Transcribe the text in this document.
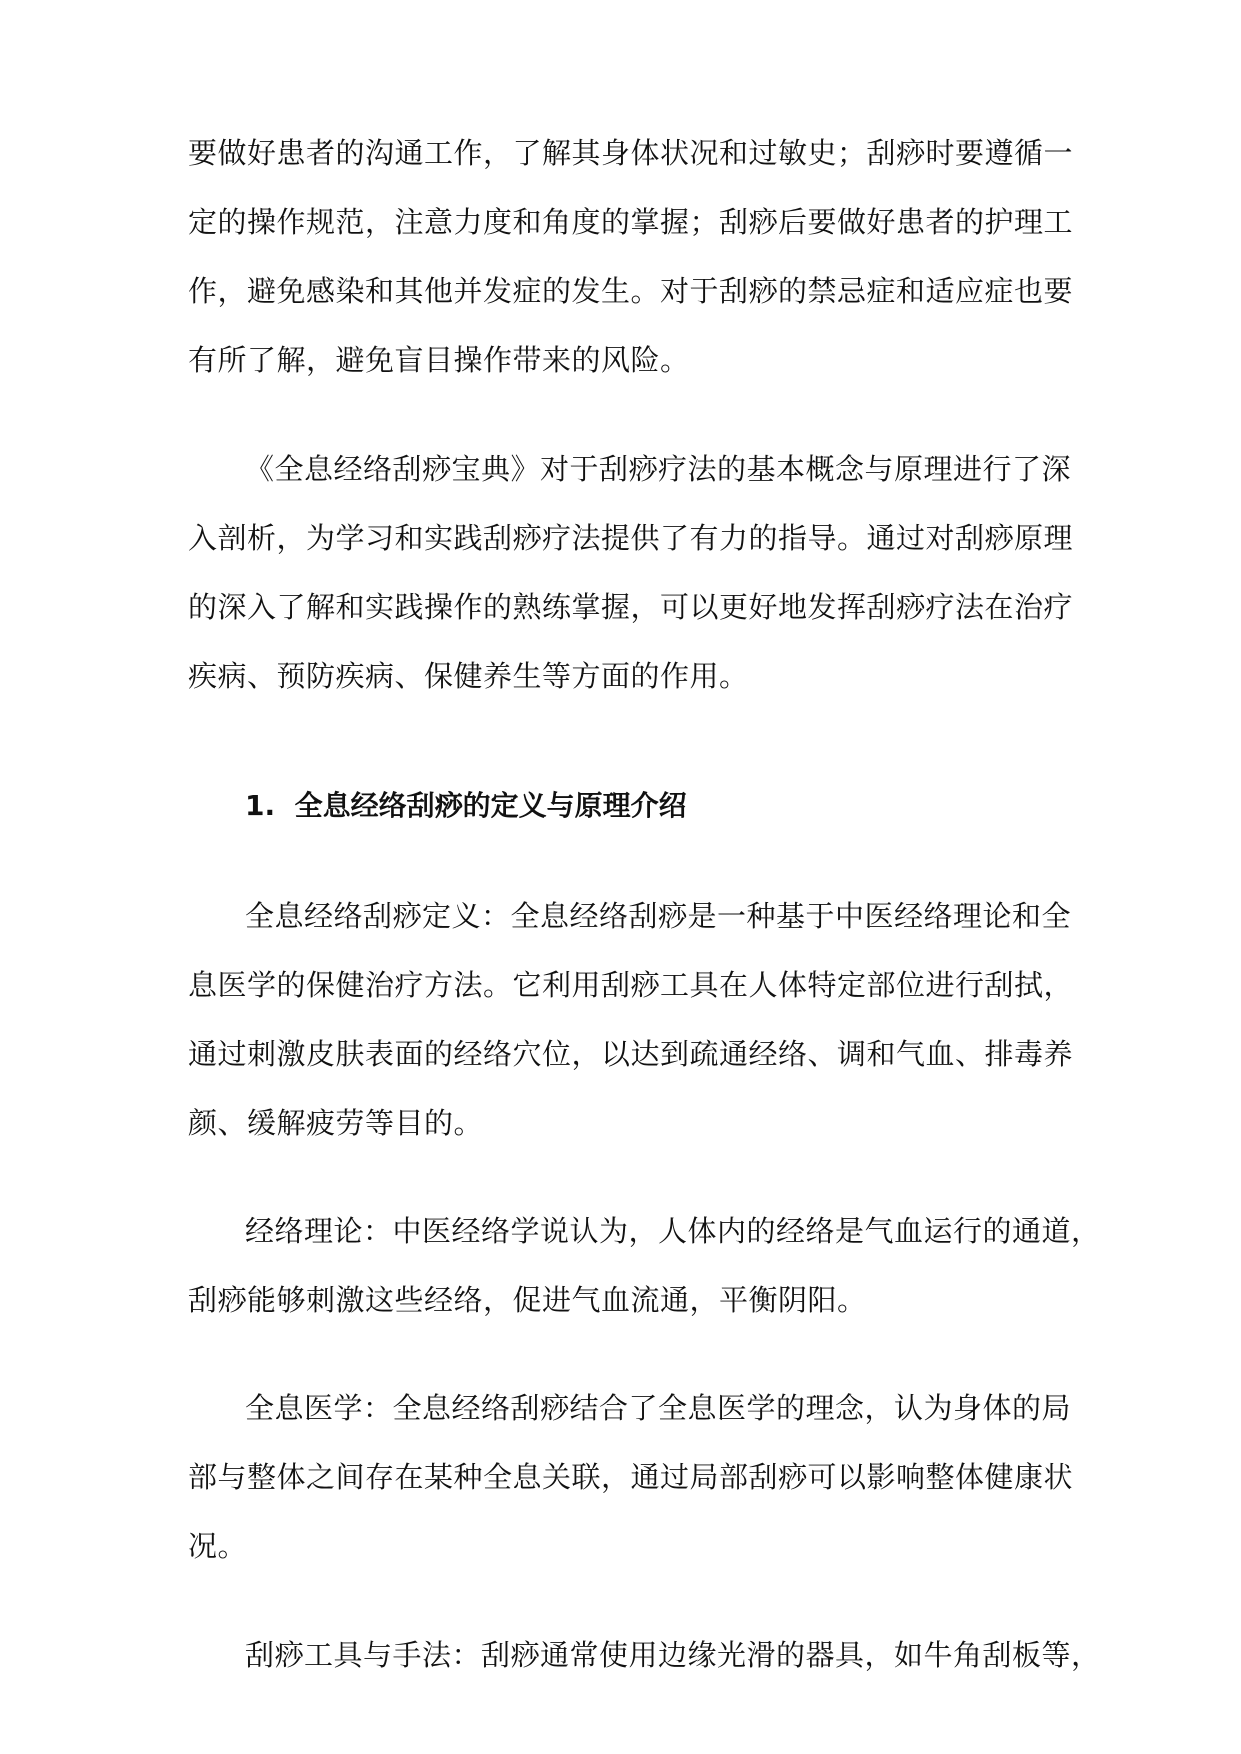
要做好患者的沟通工作，了解其身体状况和过敏史；刮痧时要遵循一
定的操作规范，注意力度和角度的掌握；刮痧后要做好患者的护理工
作，避免感染和其他并发症的发生。对于刮痧的禁忌症和适应症也要
有所了解，避免盲目操作带来的风险。
《全息经络刮痧宝典》对于刮痧疗法的基本概念与原理进行了深
入剖析，为学习和实践刮痧疗法提供了有力的指导。通过对刮痧原理
的深入了解和实践操作的熟练掌握，可以更好地发挥刮痧疗法在治疗
疾病、预防疾病、保健养生等方面的作用。
1. 全息经络刮痧的定义与原理介绍
全息经络刮痧定义：全息经络刮痧是一种基于中医经络理论和全
息医学的保健治疗方法。它利用刮痧工具在人体特定部位进行刮拭，
通过刺激皮肤表面的经络穴位，以达到疏通经络、调和气血、排毒养
颜、缓解疲劳等目的。
经络理论：中医经络学说认为，人体内的经络是气血运行的通道，
刮痧能够刺激这些经络，促进气血流通，平衡阴阳。
全息医学：全息经络刮痧结合了全息医学的理念，认为身体的局
部与整体之间存在某种全息关联，通过局部刮痧可以影响整体健康状
况。
刮痧工具与手法：刮痧通常使用边缘光滑的器具，如牛角刮板等，
